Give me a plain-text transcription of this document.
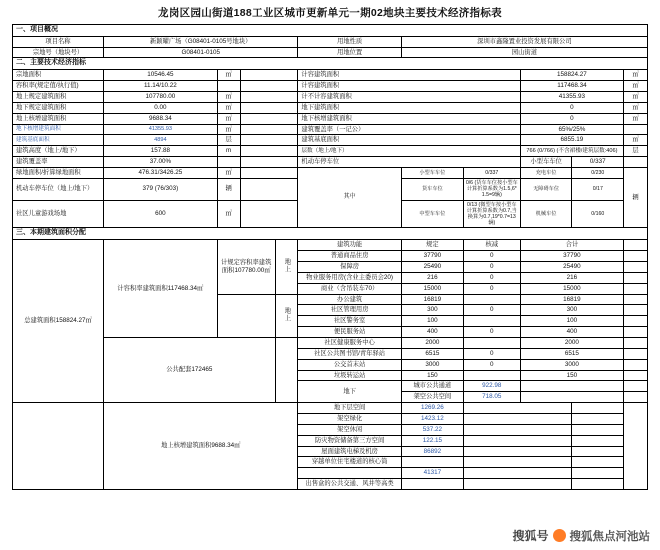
龙岗区园山街道188工业区城市更新单元一期02地块主要技术经济指标表
一、项目概况										
项目名称	新颖曜广场（G08401-0105号地块）				用地性质	深圳市鑫隆置业投资发展有限公司				
宗地号（地块号）	G08401-0105				用地位置	园山街道				
二、主要技术经济指标										
宗地面积	10546.45	㎡			计容建筑面积			158824.27		㎡
容积率(规定值/执行值)	11.14/10.22				计容建筑面积			117468.34		㎡
地上规定建筑面积	107780.00	㎡			计不计容建筑面积			41355.93		㎡
地下规定建筑面积	0.00	㎡			地下建筑面积			0		㎡
地上核增建筑面积	9688.34	㎡			地下核增建筑面积			0		㎡
地下核增建筑面积	41355.93	㎡			建筑覆盖率（一记公）			65%/25%		
建筑基底面积	4894	层			建筑基底面积			6855.19		㎡
建筑高度（地上/地下）	157.88	m			层数（地上/地下）			766 (0/766) (不含裙楼/建筑层数:406)		层
建筑覆盖率	37.00%				机动车停车位			小型车车位	0/337	
绿地面积/折算绿地面积	476.31/3426.25	㎡			其中	小型车车位	0/337	充电车位	0/230	辆
机动车停车位（地上/地下）	379 (76/303)	辆				货车车位	0/6 (货车车位按小型车计算折算系数为1.5,6*1.5=9辆)	无障碍车位	0/17	
社区儿童游戏场地	600	㎡				中型车车位	0/13 (微型车按小型车计算折算系数为0.7,当换算为0.7,19*0.7=13辆)	机械车位	0/160	
三、本期建筑面积分配										

总建筑面积158824.27㎡	计容积率建筑面积117468.34㎡	计规定容积率建筑面积107780.00㎡		地上	建筑功能	规定	核减	合计		
					普通商品住房	37790	0	37790		
					保障房	25490	0	25490		
					物业服务用房(含业主委员会20)	216	0	216		
					商业（含吊装车70）	15000	0	15000		
				地上	办公建筑	16819		16819		
					社区管理用房	300	0	300		
					社区警务室	100		100		
					便民服务站	400	0	400		
	公共配套172465				社区健康服务中心	2000		2000		
					社区公共图书馆/青年驿站	6515	0	6515		
					公交首末站	3000	0	3000		
					垃圾转运站	150		150		
					地下	城市公共通道	922.98			
						架空公共空间	718.05			
	地上核增建筑面积9688.34㎡				地下层空间	1269.26				
					架空绿化	1423.12				
					架空休闲	537.22				
					防灾物资储备第三方空间	122.15				
					屋面建筑电梯及机房	86892				
					穿越单位住宅楼道的核心筒					
						41317				
					出售盒的公共交通、风井等高类					
搜狐号 搜狐焦点河池站
